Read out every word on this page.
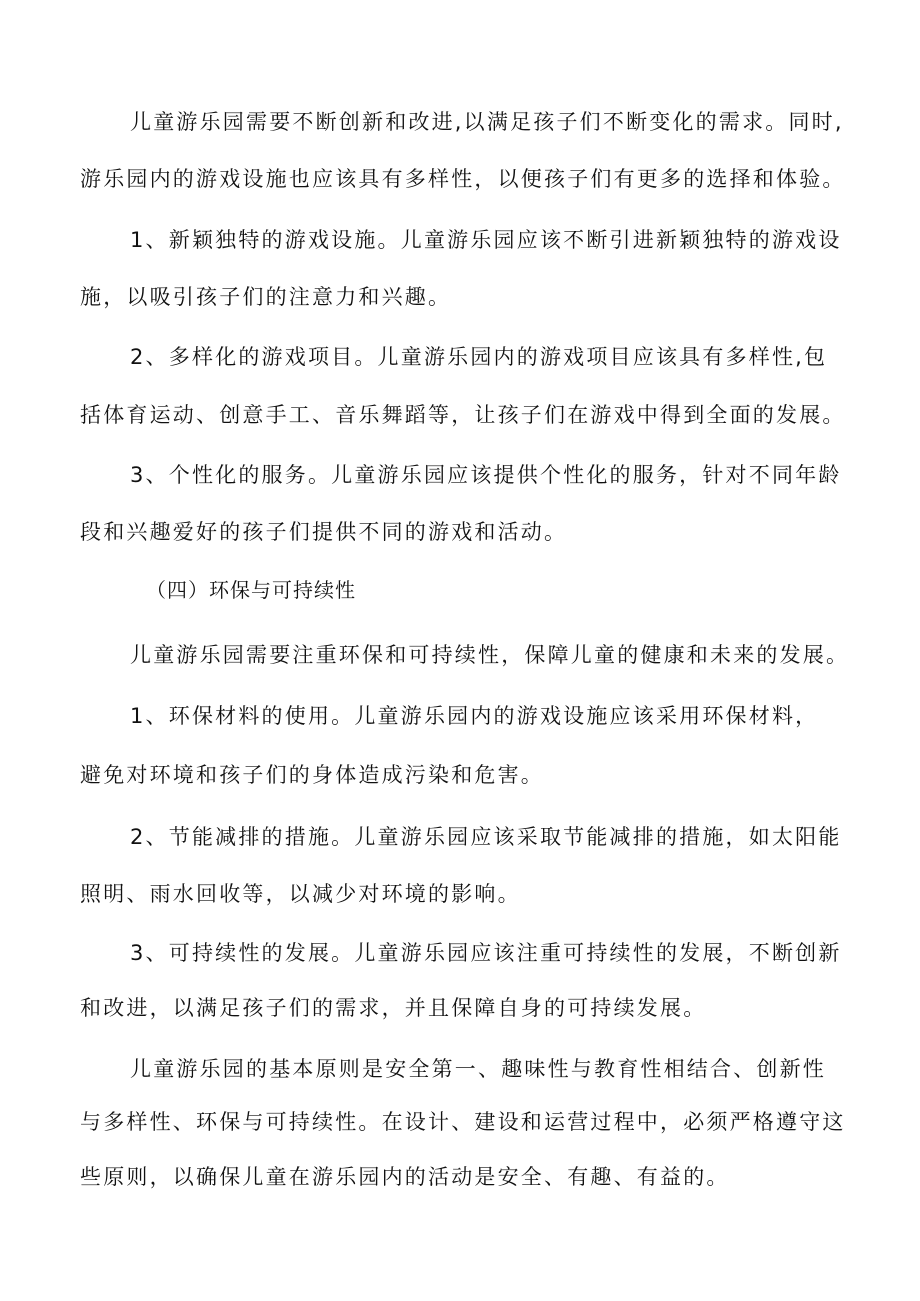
儿童游乐园需要不断创新和改进,以满足孩子们不断变化的需求。同时,
游乐园内的游戏设施也应该具有多样性，以便孩子们有更多的选择和体验。
1、新颖独特的游戏设施。儿童游乐园应该不断引进新颖独特的游戏设
施，以吸引孩子们的注意力和兴趣。
2、多样化的游戏项目。儿童游乐园内的游戏项目应该具有多样性,包
括体育运动、创意手工、音乐舞蹈等，让孩子们在游戏中得到全面的发展。
3、个性化的服务。儿童游乐园应该提供个性化的服务，针对不同年龄
段和兴趣爱好的孩子们提供不同的游戏和活动。
（四）环保与可持续性
儿童游乐园需要注重环保和可持续性，保障儿童的健康和未来的发展。
1、环保材料的使用。儿童游乐园内的游戏设施应该采用环保材料，
避免对环境和孩子们的身体造成污染和危害。
2、节能减排的措施。儿童游乐园应该采取节能减排的措施，如太阳能
照明、雨水回收等，以减少对环境的影响。
3、可持续性的发展。儿童游乐园应该注重可持续性的发展，不断创新
和改进，以满足孩子们的需求，并且保障自身的可持续发展。
儿童游乐园的基本原则是安全第一、趣味性与教育性相结合、创新性
与多样性、环保与可持续性。在设计、建设和运营过程中，必须严格遵守这
些原则，以确保儿童在游乐园内的活动是安全、有趣、有益的。
